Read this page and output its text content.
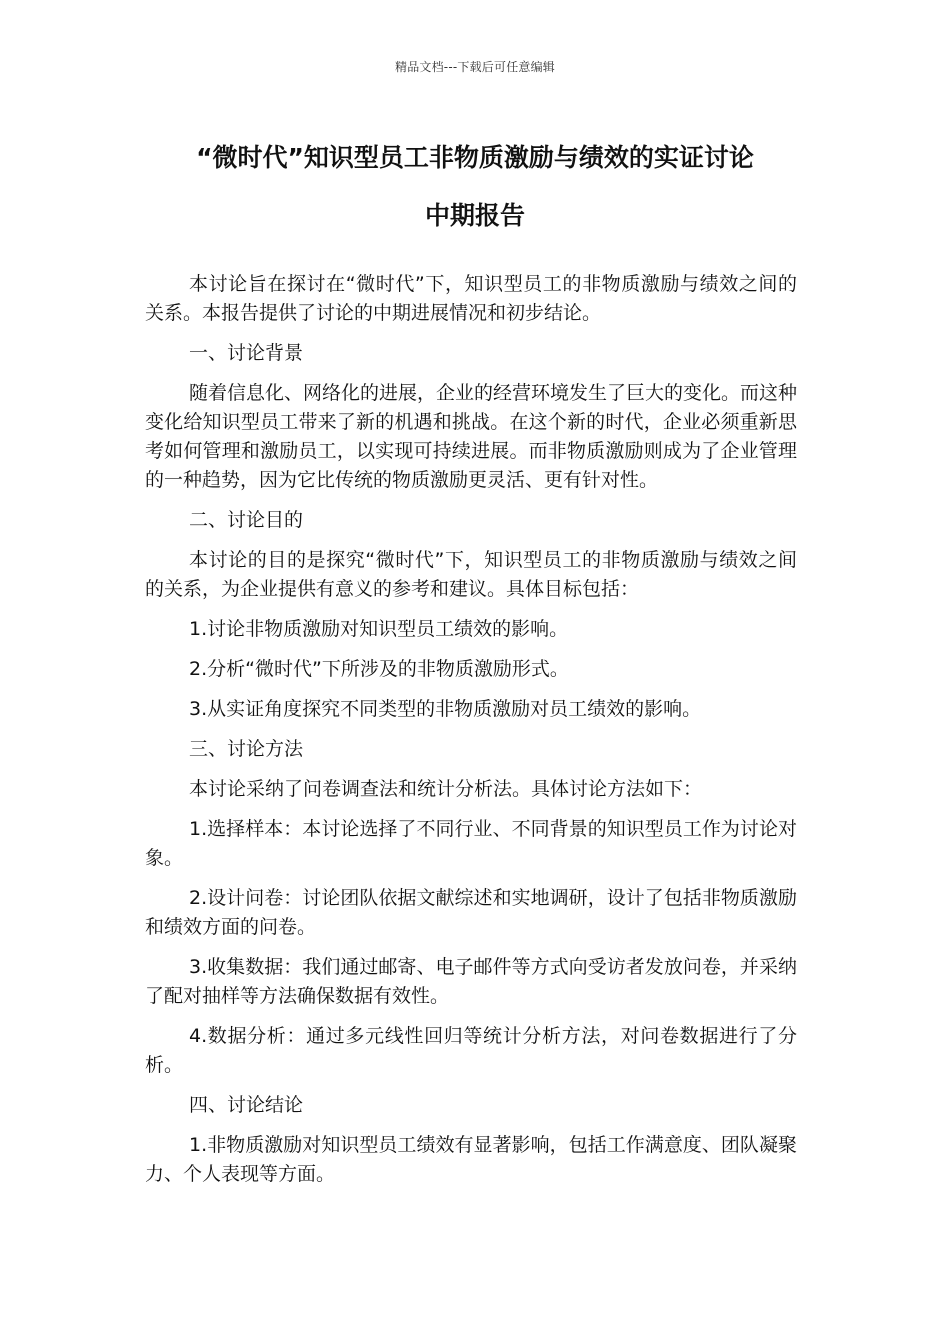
精品文档---下载后可任意编辑
“微时代”知识型员工非物质激励与绩效的实证讨论
中期报告

本讨论旨在探讨在“微时代”下，知识型员工的非物质激励与绩效之间的关系。本报告提供了讨论的中期进展情况和初步结论。

一、讨论背景

随着信息化、网络化的进展，企业的经营环境发生了巨大的变化。而这种变化给知识型员工带来了新的机遇和挑战。在这个新的时代，企业必须重新思考如何管理和激励员工，以实现可持续进展。而非物质激励则成为了企业管理的一种趋势，因为它比传统的物质激励更灵活、更有针对性。

二、讨论目的

本讨论的目的是探究“微时代”下，知识型员工的非物质激励与绩效之间的关系，为企业提供有意义的参考和建议。具体目标包括：

1.讨论非物质激励对知识型员工绩效的影响。

2.分析“微时代”下所涉及的非物质激励形式。

3.从实证角度探究不同类型的非物质激励对员工绩效的影响。

三、讨论方法

本讨论采纳了问卷调查法和统计分析法。具体讨论方法如下：

1.选择样本：本讨论选择了不同行业、不同背景的知识型员工作为讨论对象。

2.设计问卷：讨论团队依据文献综述和实地调研，设计了包括非物质激励和绩效方面的问卷。

3.收集数据：我们通过邮寄、电子邮件等方式向受访者发放问卷，并采纳了配对抽样等方法确保数据有效性。

4.数据分析：通过多元线性回归等统计分析方法，对问卷数据进行了分析。

四、讨论结论

1.非物质激励对知识型员工绩效有显著影响，包括工作满意度、团队凝聚力、个人表现等方面。
